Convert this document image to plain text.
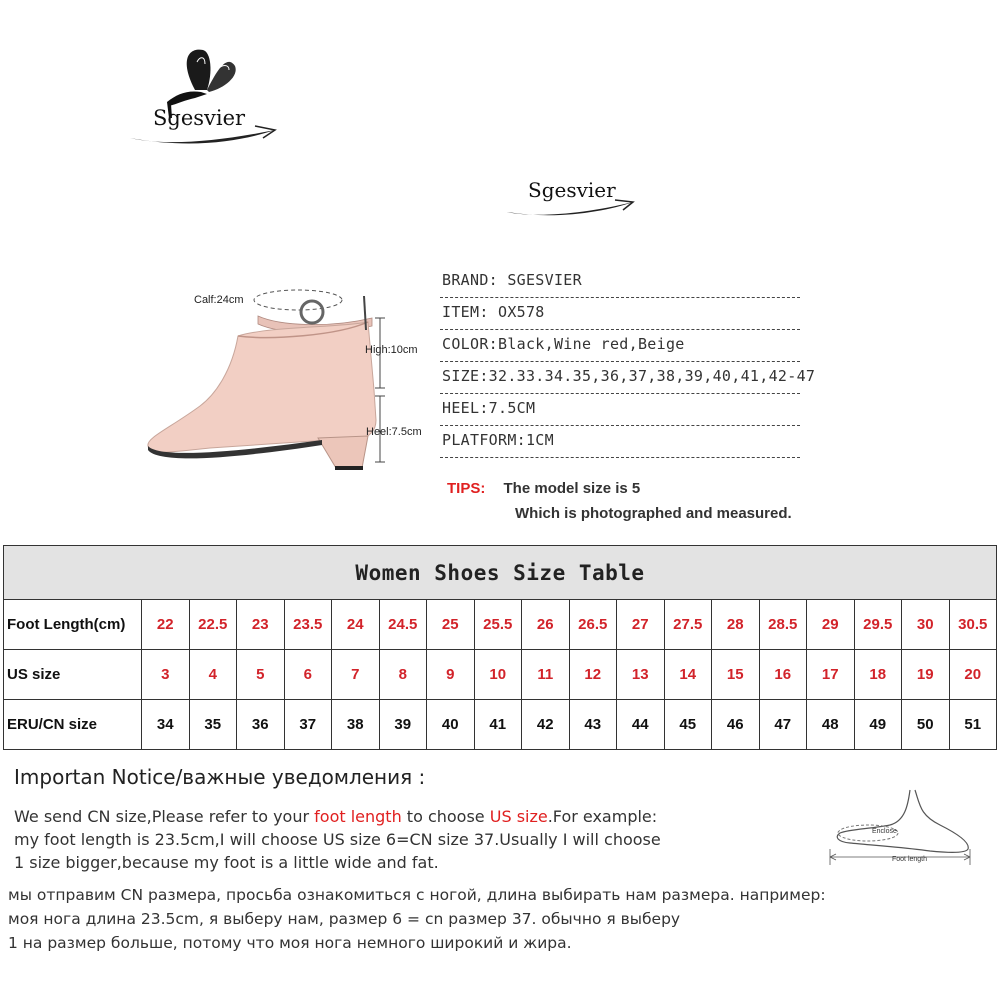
Sgesvier
Sgesvier
Calf:24cm
High:10cm
Heel:7.5cm
BRAND: SGESVIER
ITEM: OX578
COLOR:Black,Wine red,Beige
SIZE:32.33.34.35,36,37,38,39,40,41,42-47
HEEL:7.5CM
PLATFORM:1CM
TIPS: The model size is 5
Which is photographed and measured.
Women Shoes Size Table																		
Foot Length(cm)	22	22.5	23	23.5	24	24.5	25	25.5	26	26.5	27	27.5	28	28.5	29	29.5	30	30.5
US size	3	4	5	6	7	8	9	10	11	12	13	14	15	16	17	18	19	20
ERU/CN size	34	35	36	37	38	39	40	41	42	43	44	45	46	47	48	49	50	51
Importan Notice/важные уведомления :
We send CN size,Please refer to your foot length to choose US size.For example:
my foot length is 23.5cm,I will choose US size 6=CN size 37.Usually I will choose
1 size bigger,because my foot is a little wide and fat.
мы отправим CN размера, просьба ознакомиться с ногой, длина выбирать нам размера. например:
моя нога длина 23.5cm, я выберу нам, размер 6 = cn размер 37. обычно я выберу
1 на размер больше, потому что моя нога немного широкий и жира.
Enclose
Foot length
